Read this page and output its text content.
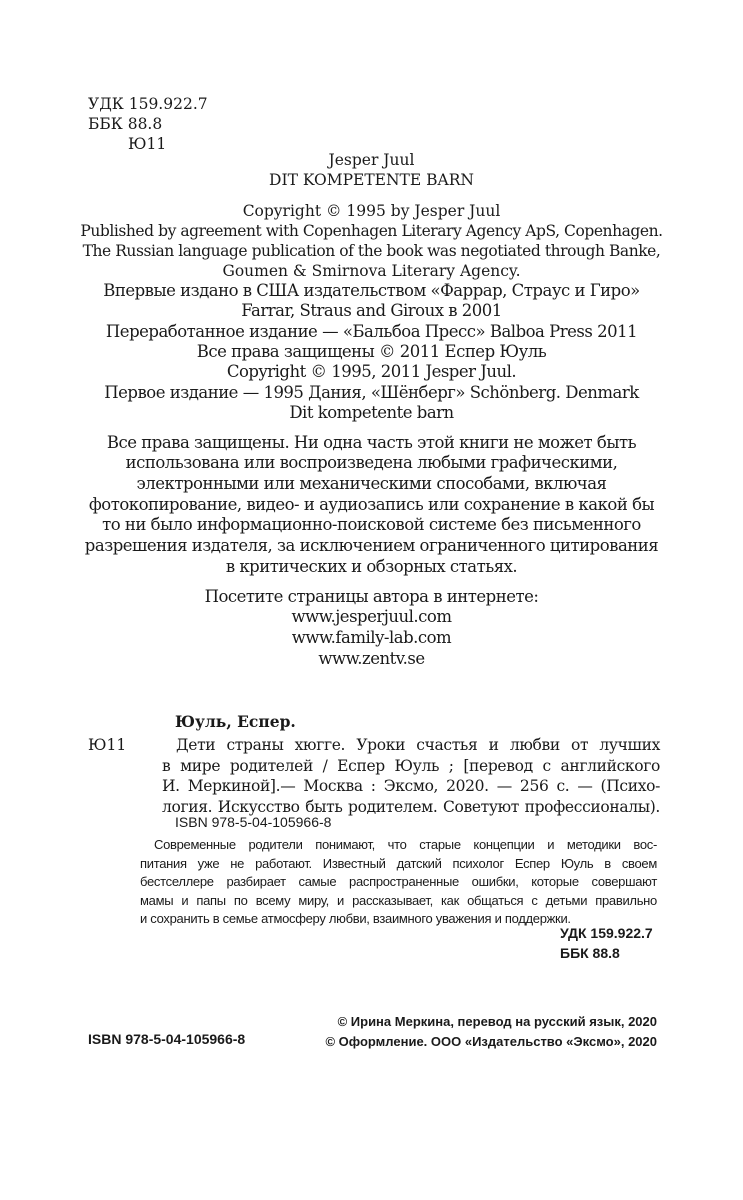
УДК 159.922.7
ББК 88.8
Ю11
Jesper Juul
DIT KOMPETENTE BARN
Copyright © 1995 by Jesper Juul
Published by agreement with Copenhagen Literary Agency ApS, Copenhagen.
The Russian language publication of the book was negotiated through Banke,
Goumen & Smirnova Literary Agency.
Впервые издано в США издательством «Фаррар, Страус и Гиро»
Farrar, Straus and Giroux в 2001
Переработанное издание — «Бальбоа Пресс» Balboa Press 2011
Все права защищены © 2011 Еспер Юуль
Copyright © 1995, 2011 Jesper Juul.
Первое издание — 1995 Дания, «Шёнберг» Schönberg. Denmark
Dit kompetente barn
Все права защищены. Ни одна часть этой книги не может быть
использована или воспроизведена любыми графическими,
электронными или механическими способами, включая
фотокопирование, видео- и аудиозапись или сохранение в какой бы
то ни было информационно-поисковой системе без письменного
разрешения издателя, за исключением ограниченного цитирования
в критических и обзорных статьях.
Посетите страницы автора в интернете:
www.jesperjuul.com
www.family-lab.com
www.zentv.se
Юуль, Еспер.
Ю11	Дети страны хюгге. Уроки счастья и любви от лучших
в мире родителей / Еспер Юуль ; [перевод с английского
И. Меркиной].— Москва : Эксмо, 2020. — 256 с. — (Психо-
логия. Искусство быть родителем. Советуют профессионалы).
ISBN 978-5-04-105966-8
Современные родители понимают, что старые концепции и методики вос-
питания уже не работают. Известный датский психолог Еспер Юуль в своем
бестселлере разбирает самые распространенные ошибки, которые совершают
мамы и папы по всему миру, и рассказывает, как общаться с детьми правильно
и сохранить в семье атмосферу любви, взаимного уважения и поддержки.
УДК 159.922.7
ББК 88.8
ISBN 978-5-04-105966-8
© Ирина Меркина, перевод на русский язык, 2020
© Оформление. ООО «Издательство «Эксмо», 2020
